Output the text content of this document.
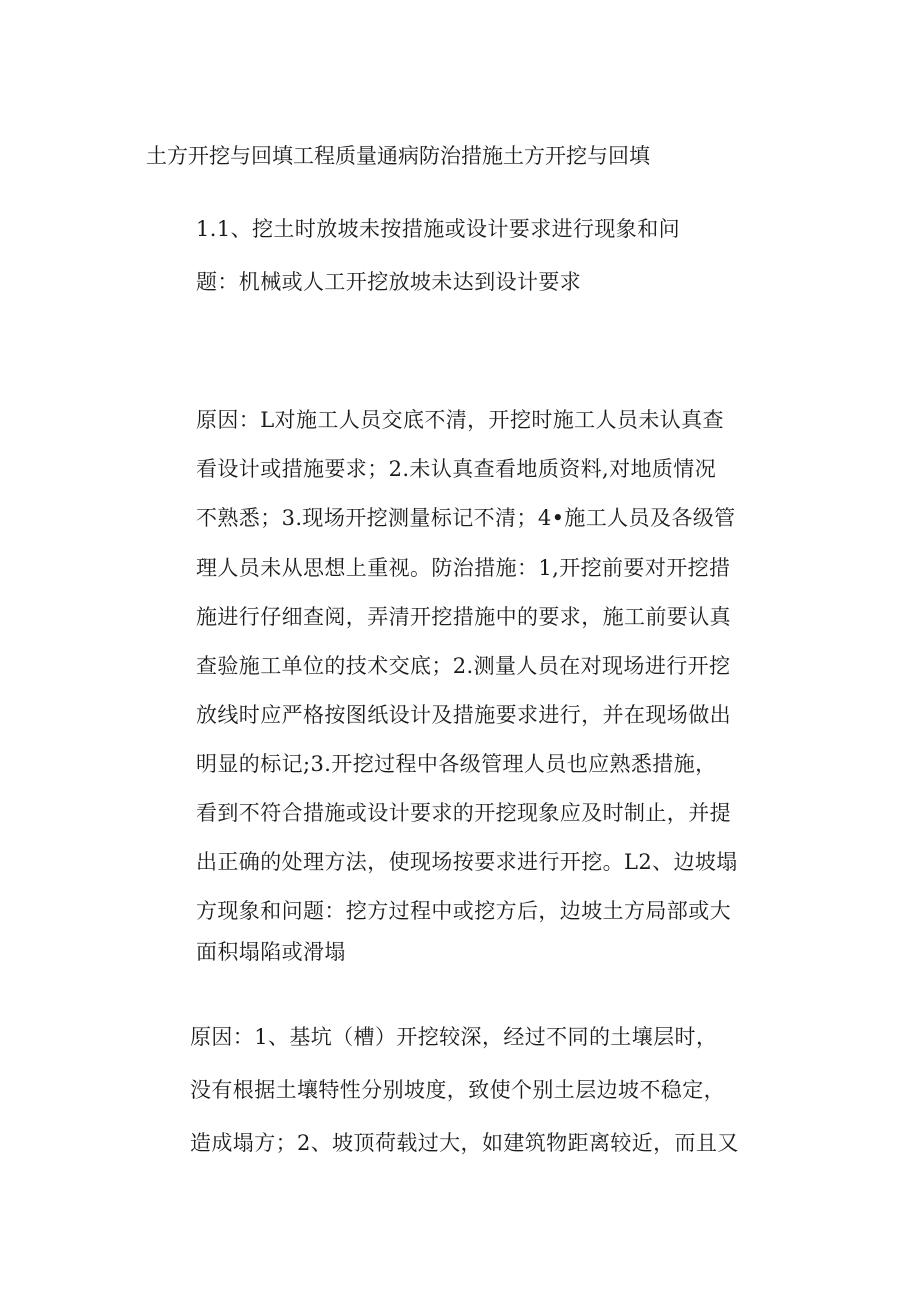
土方开挖与回填工程质量通病防治措施土方开挖与回填
1.1、挖土时放坡未按措施或设计要求进行现象和问
题：机械或人工开挖放坡未达到设计要求
原因：L对施工人员交底不清，开挖时施工人员未认真查
看设计或措施要求；2.未认真查看地质资料,对地质情况
不熟悉；3.现场开挖测量标记不清；4•施工人员及各级管
理人员未从思想上重视。防治措施：1,开挖前要对开挖措
施进行仔细查阅，弄清开挖措施中的要求，施工前要认真
查验施工单位的技术交底；2.测量人员在对现场进行开挖
放线时应严格按图纸设计及措施要求进行，并在现场做出
明显的标记;3.开挖过程中各级管理人员也应熟悉措施，
看到不符合措施或设计要求的开挖现象应及时制止，并提
出正确的处理方法，使现场按要求进行开挖。L2、边坡塌
方现象和问题：挖方过程中或挖方后，边坡土方局部或大
面积塌陷或滑塌
原因：1、基坑（槽）开挖较深，经过不同的土壤层时，
没有根据土壤特性分别坡度，致使个别土层边坡不稳定，
造成塌方；2、坡顶荷载过大，如建筑物距离较近，而且又
